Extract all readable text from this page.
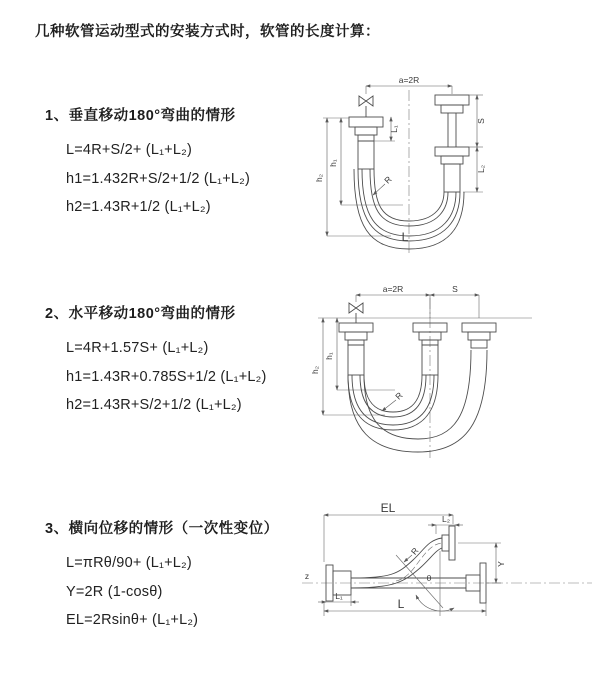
几种软管运动型式的安装方式时，软管的长度计算：
1、垂直移动180°弯曲的情形
L=4R+S/2+ (L₁+L₂)
h1=1.432R+S/2+1/2 (L₁+L₂)
h2=1.43R+1/2 (L₁+L₂)
2、水平移动180°弯曲的情形
L=4R+1.57S+ (L₁+L₂)
h1=1.43R+0.785S+1/2 (L₁+L₂)
h2=1.43R+S/2+1/2 (L₁+L₂)
3、横向位移的情形（一次性变位）
L=πRθ/90+ (L₁+L₂)
Y=2R (1-cosθ)
EL=2Rsinθ+ (L₁+L₂)
a=2R
L₁
S
L₂
h₁
h₂	R
L
a=2R	S
h₁
h₂
R
z	θ
R
EL
L₂
Y
L
L₁
